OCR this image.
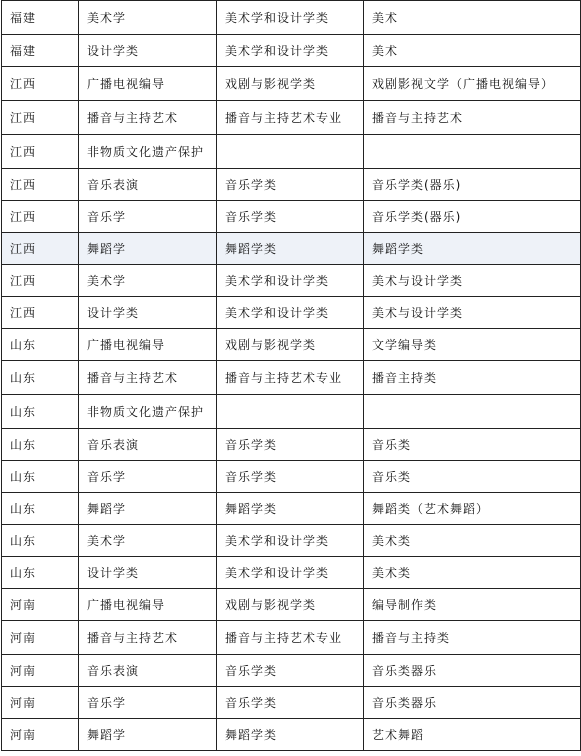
福建	美术学	美术学和设计学类	美术
福建	设计学类	美术学和设计学类	美术
江西	广播电视编导	戏剧与影视学类	戏剧影视文学（广播电视编导）
江西	播音与主持艺术	播音与主持艺术专业	播音与主持艺术
江西	非物质文化遗产保护		
江西	音乐表演	音乐学类	音乐学类(器乐)
江西	音乐学	音乐学类	音乐学类(器乐)
江西	舞蹈学	舞蹈学类	舞蹈学类
江西	美术学	美术学和设计学类	美术与设计学类
江西	设计学类	美术学和设计学类	美术与设计学类
山东	广播电视编导	戏剧与影视学类	文学编导类
山东	播音与主持艺术	播音与主持艺术专业	播音主持类
山东	非物质文化遗产保护		
山东	音乐表演	音乐学类	音乐类
山东	音乐学	音乐学类	音乐类
山东	舞蹈学	舞蹈学类	舞蹈类（艺术舞蹈）
山东	美术学	美术学和设计学类	美术类
山东	设计学类	美术学和设计学类	美术类
河南	广播电视编导	戏剧与影视学类	编导制作类
河南	播音与主持艺术	播音与主持艺术专业	播音与主持类
河南	音乐表演	音乐学类	音乐类器乐
河南	音乐学	音乐学类	音乐类器乐
河南	舞蹈学	舞蹈学类	艺术舞蹈
